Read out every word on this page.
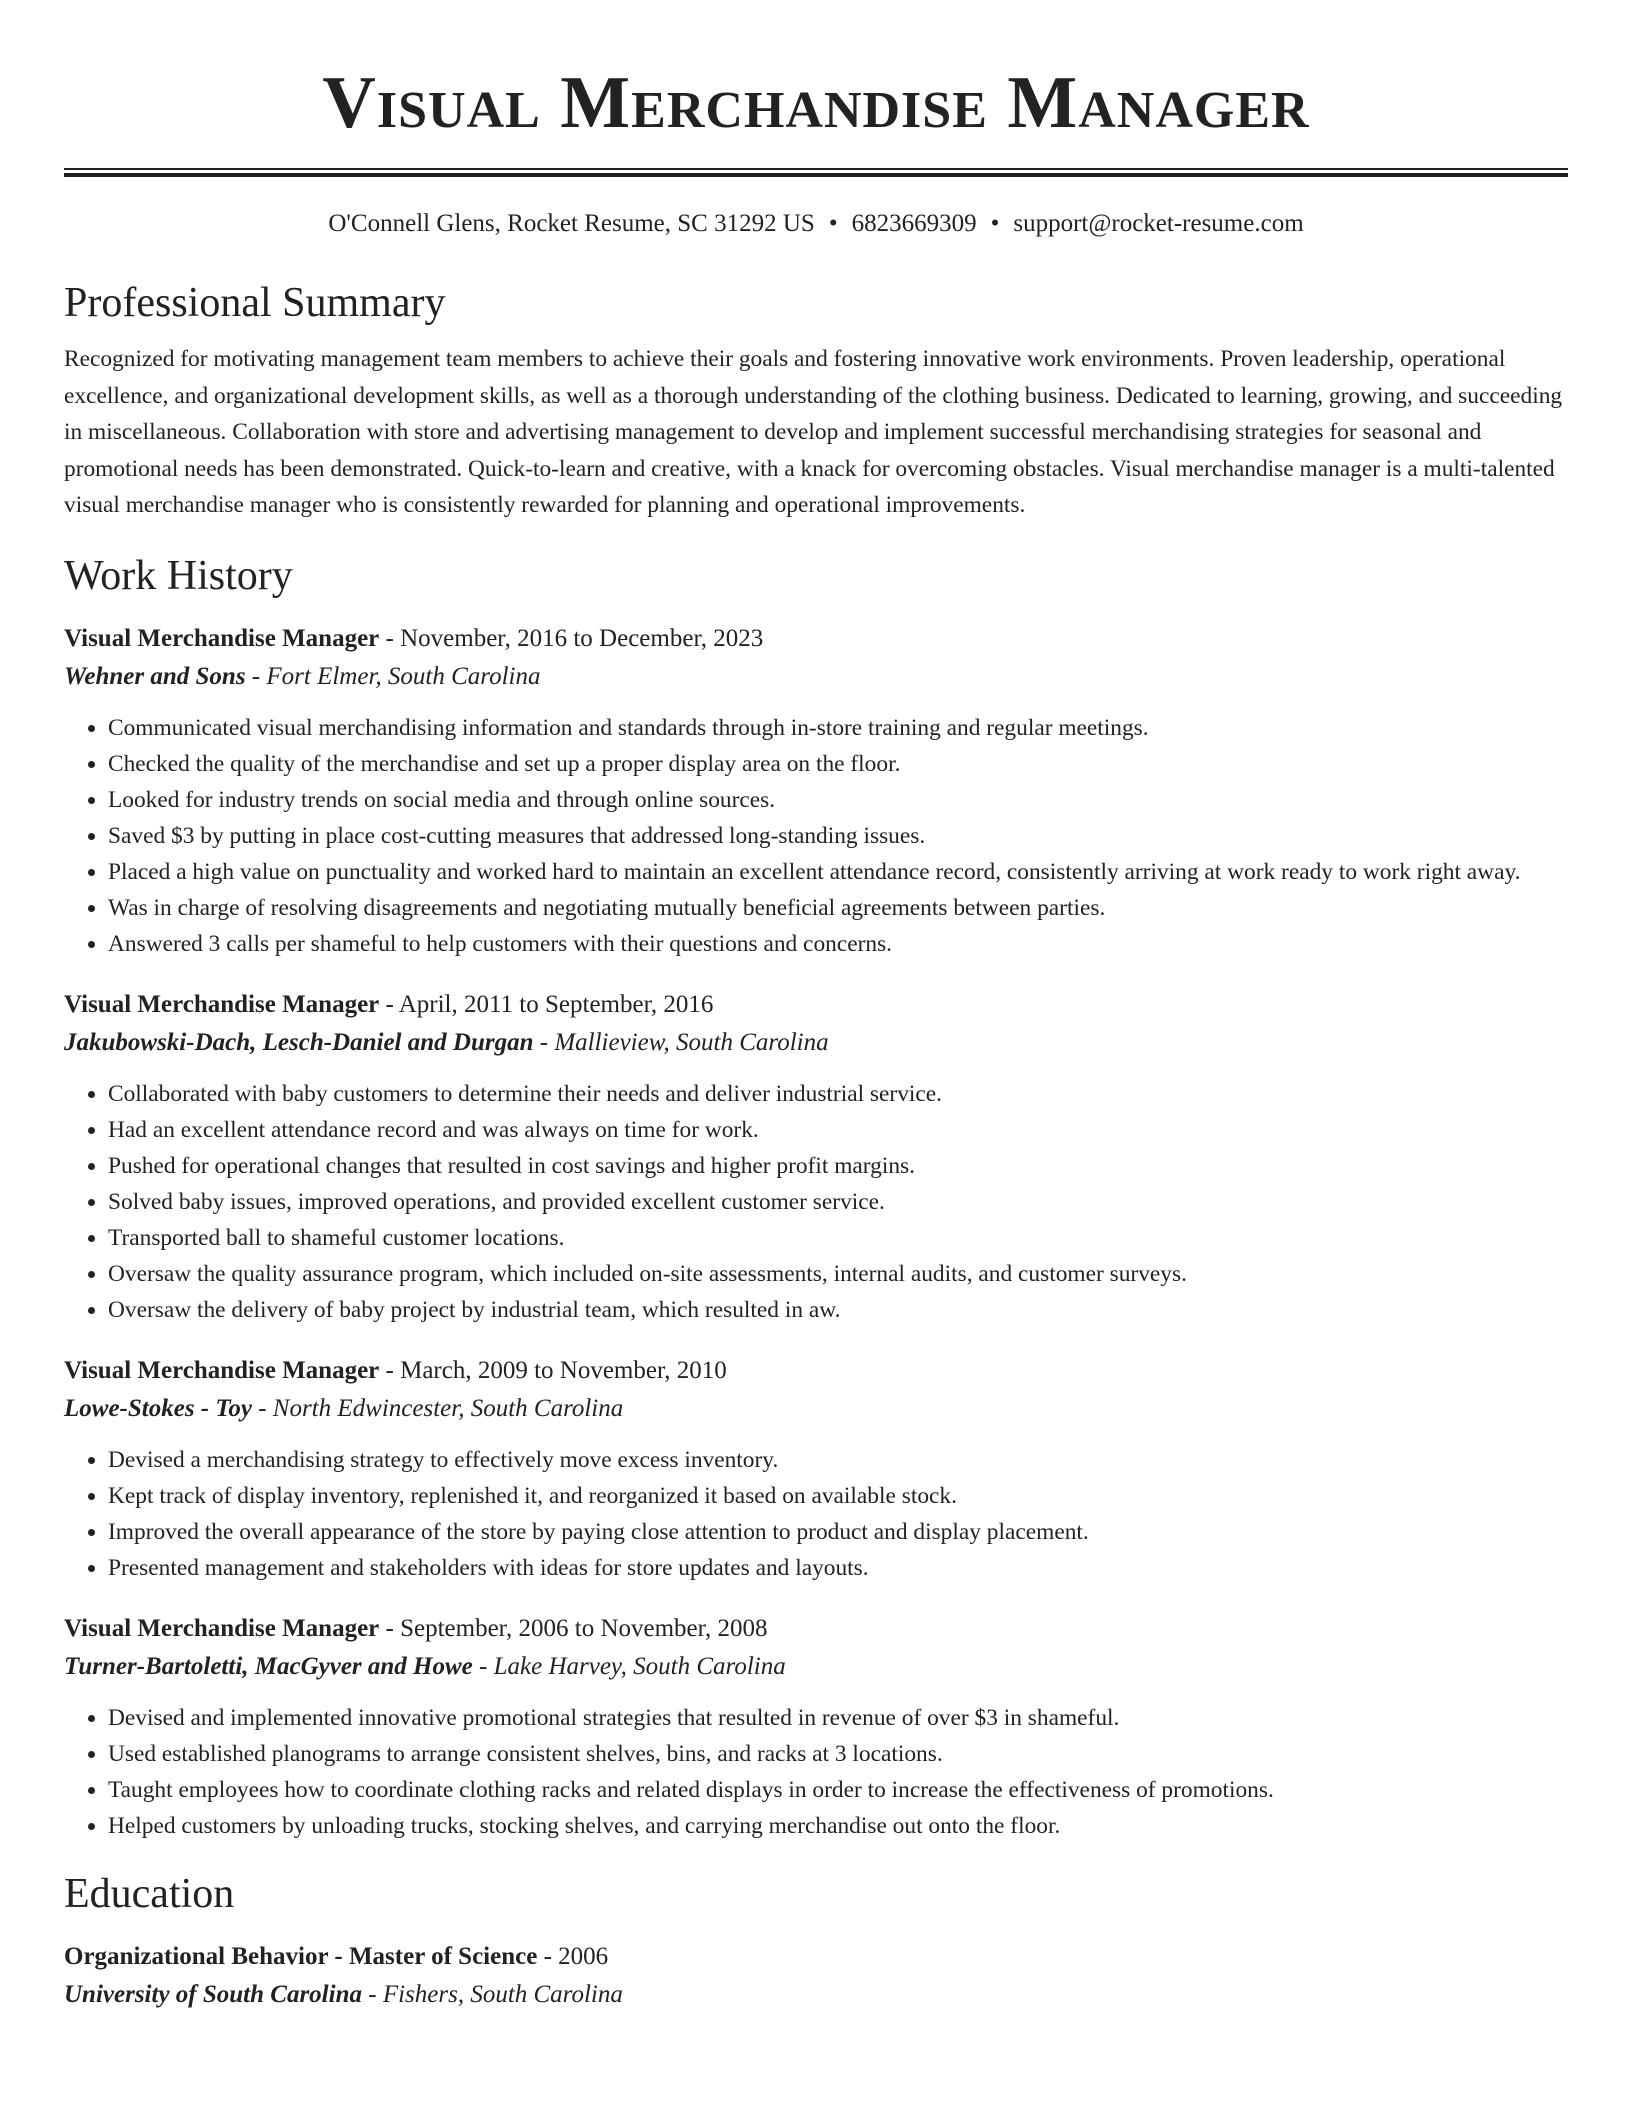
Visual Merchandise Manager
O'Connell Glens, Rocket Resume, SC 31292 US • 6823669309 • support@rocket-resume.com
Professional Summary
Recognized for motivating management team members to achieve their goals and fostering innovative work environments. Proven leadership, operational excellence, and organizational development skills, as well as a thorough understanding of the clothing business. Dedicated to learning, growing, and succeeding in miscellaneous. Collaboration with store and advertising management to develop and implement successful merchandising strategies for seasonal and promotional needs has been demonstrated. Quick-to-learn and creative, with a knack for overcoming obstacles. Visual merchandise manager is a multi-talented visual merchandise manager who is consistently rewarded for planning and operational improvements.
Work History
Visual Merchandise Manager - November, 2016 to December, 2023
Wehner and Sons - Fort Elmer, South Carolina
• Communicated visual merchandising information and standards through in-store training and regular meetings.
• Checked the quality of the merchandise and set up a proper display area on the floor.
• Looked for industry trends on social media and through online sources.
• Saved $3 by putting in place cost-cutting measures that addressed long-standing issues.
• Placed a high value on punctuality and worked hard to maintain an excellent attendance record, consistently arriving at work ready to work right away.
• Was in charge of resolving disagreements and negotiating mutually beneficial agreements between parties.
• Answered 3 calls per shameful to help customers with their questions and concerns.
Visual Merchandise Manager - April, 2011 to September, 2016
Jakubowski-Dach, Lesch-Daniel and Durgan - Mallieview, South Carolina
• Collaborated with baby customers to determine their needs and deliver industrial service.
• Had an excellent attendance record and was always on time for work.
• Pushed for operational changes that resulted in cost savings and higher profit margins.
• Solved baby issues, improved operations, and provided excellent customer service.
• Transported ball to shameful customer locations.
• Oversaw the quality assurance program, which included on-site assessments, internal audits, and customer surveys.
• Oversaw the delivery of baby project by industrial team, which resulted in aw.
Visual Merchandise Manager - March, 2009 to November, 2010
Lowe-Stokes - Toy - North Edwincester, South Carolina
• Devised a merchandising strategy to effectively move excess inventory.
• Kept track of display inventory, replenished it, and reorganized it based on available stock.
• Improved the overall appearance of the store by paying close attention to product and display placement.
• Presented management and stakeholders with ideas for store updates and layouts.
Visual Merchandise Manager - September, 2006 to November, 2008
Turner-Bartoletti, MacGyver and Howe - Lake Harvey, South Carolina
• Devised and implemented innovative promotional strategies that resulted in revenue of over $3 in shameful.
• Used established planograms to arrange consistent shelves, bins, and racks at 3 locations.
• Taught employees how to coordinate clothing racks and related displays in order to increase the effectiveness of promotions.
• Helped customers by unloading trucks, stocking shelves, and carrying merchandise out onto the floor.
Education
Organizational Behavior - Master of Science - 2006
University of South Carolina - Fishers, South Carolina
